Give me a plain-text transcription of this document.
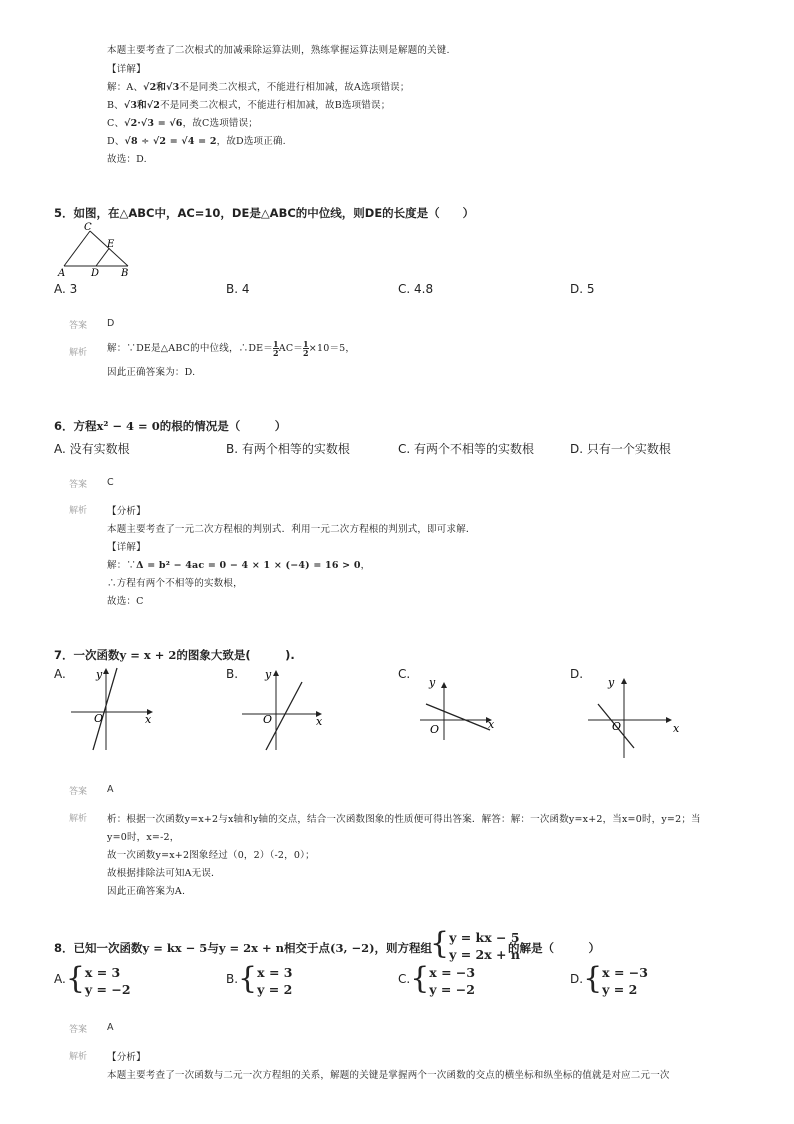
本题主要考查了二次根式的加减乘除运算法则，熟练掌握运算法则是解题的关键.
【详解】
解：A、√2和√3不是同类二次根式，不能进行相加减，故A选项错误；
B、√3和√2不是同类二次根式，不能进行相加减，故B选项错误；
C、√2·√3 = √6，故C选项错误；
D、√8 ÷ √2 = √4 = 2，故D选项正确.
故选：D.
5．如图，在△ABC中，AC=10，DE是△ABC的中位线，则DE的长度是（　　）
C
E
A	D B
A. 3	B. 4	C. 4.8	D. 5
答案 D
解析 解：∵DE是△ABC的中位线，∴DE＝ $\frac{1}{2} AC= \frac{1}{2} \times 10=5$，
因此正确答案为：D.
6．方程x² − 4 = 0的根的情况是（　　　）
A. 没有实数根	B. 有两个相等的实数根	C. 有两个不相等的实数根	D. 只有一个实数根
答案 C
解析 【分析】
本题主要考查了一元二次方程根的判别式．利用一元二次方程根的判别式，即可求解．
【详解】
解：∵Δ = b² − 4ac = 0 − 4 × 1 × (−4) = 16 > 0，
∴方程有两个不相等的实数根，
故选：C
7．一次函数y = x + 2的图象大致是(　　　).
A.	y
x
O
B. y
x
O
C.
y
x
O
D.
y
x
O
答案 A
解析 析：根据一次函数y=x+2与x轴和y轴的交点，结合一次函数图象的性质便可得出答案．解答：解：一次函数y=x+2，当x=0时，y=2；当
y=0时，x=-2，
故一次函数y=x+2图象经过（0，2）（-2，0）；
故根据排除法可知A无误．
因此正确答案为A.
8．已知一次函数y = kx − 5与y = 2x + n相交于点(3, −2)，则方程组
{ y = kx − 5
y = 2x + n
的解是（　　　）
$^{A.}${ x = 3
y = −2
$^{B.}${ x = 3
y = 2
$^{C.}${ x = −3
y = −2
$^{D.}${ x = −3
y = 2
答案 A
解析 【分析】
本题主要考查了一次函数与二元一次方程组的关系，解题的关键是掌握两个一次函数的交点的横坐标和纵坐标的值就是对应二元一次
